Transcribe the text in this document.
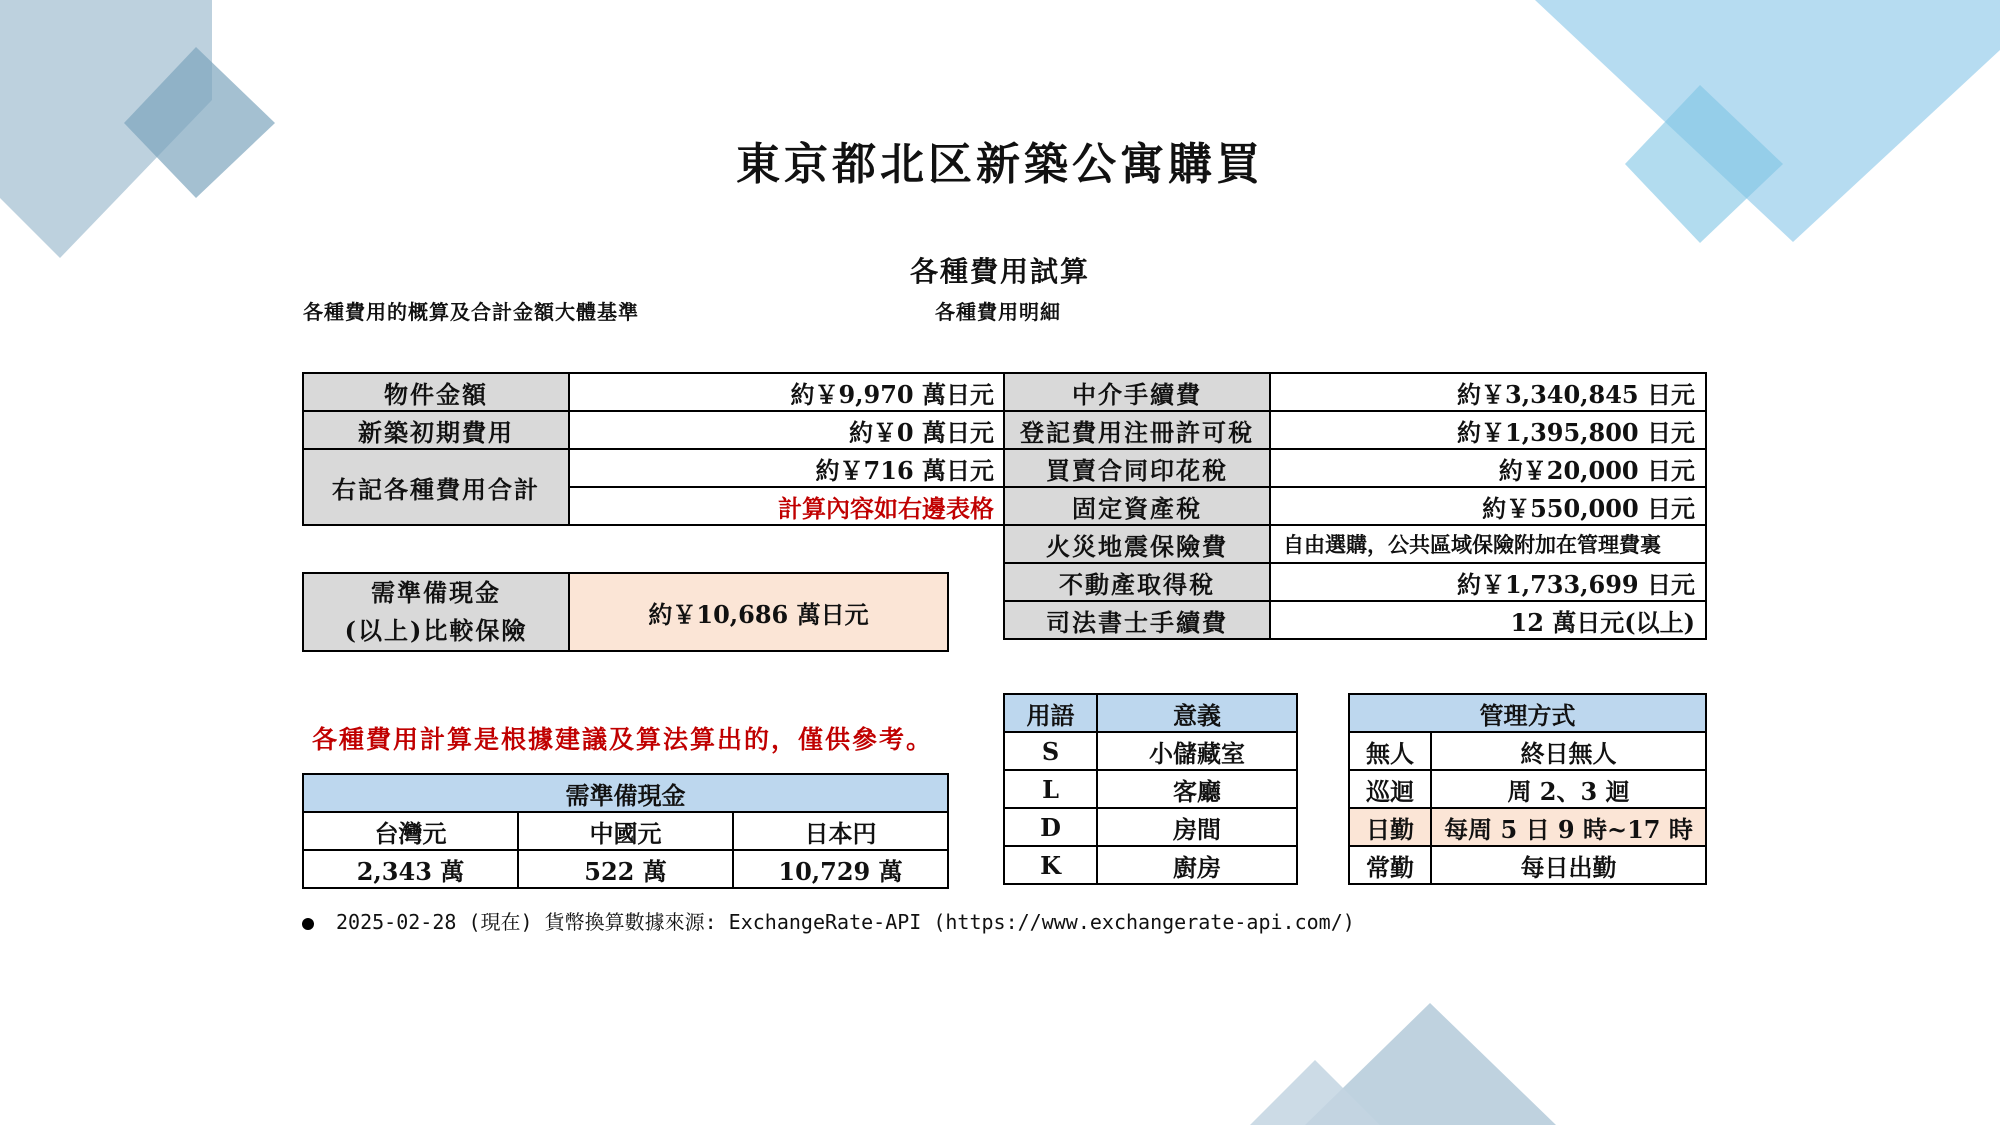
東京都北区新築公寓購買
各種費用試算
各種費用的概算及合計金額大體基準	各種費用明細
物件金額	約￥9,970 萬日元
新築初期費用	約￥0 萬日元
右記各種費用合計	約￥716 萬日元
	計算內容如右邊表格
需準備現金
(以上)比較保險
	約￥10,686 萬日元
中介手續費	約￥3,340,845 日元
登記費用注冊許可稅	約￥1,395,800 日元
買賣合同印花稅	約￥20,000 日元
固定資產稅	約￥550,000 日元
火災地震保險費	自由選購，公共區域保險附加在管理費裏
不動產取得稅	約￥1,733,699 日元
司法書士手續費	12 萬日元(以上)
各種費用計算是根據建議及算法算出的，僅供參考。
需準備現金		
台灣元	中國元	日本円
2,343 萬	522 萬	10,729 萬
用語	意義
S	小儲藏室
L	客廳
D	房間
K	廚房
管理方式	
無人	終日無人
巡迴	周 2、3 迴
日勤	每周 5 日 9 時~17 時
常勤	每日出勤
2025-02-28 (現在) 貨幣換算數據來源: ExchangeRate-API (https://www.exchangerate-api.com/)
